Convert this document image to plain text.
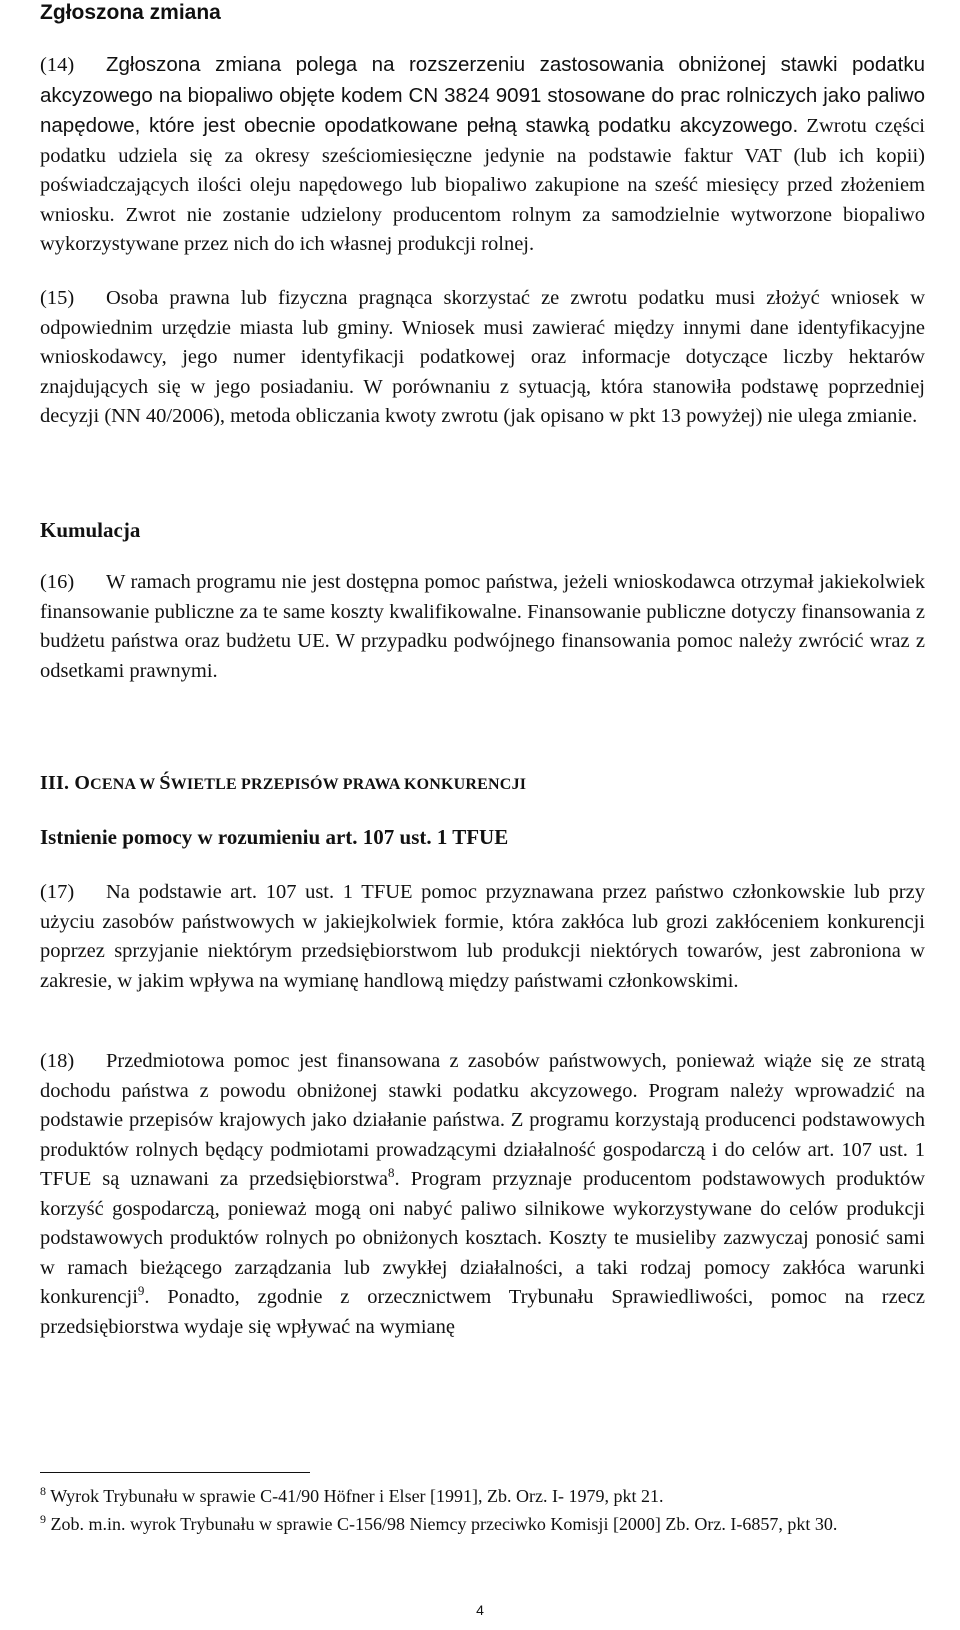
Zgłoszona zmiana

(14) Zgłoszona zmiana polega na rozszerzeniu zastosowania obniżonej stawki podatku akcyzowego na biopaliwo objęte kodem CN 3824 9091 stosowane do prac rolniczych jako paliwo napędowe, które jest obecnie opodatkowane pełną stawką podatku akcyzowego. Zwrotu części podatku udziela się za okresy sześciomiesięczne jedynie na podstawie faktur VAT (lub ich kopii) poświadczających ilości oleju napędowego lub biopaliwo zakupione na sześć miesięcy przed złożeniem wniosku. Zwrot nie zostanie udzielony producentom rolnym za samodzielnie wytworzone biopaliwo wykorzystywane przez nich do ich własnej produkcji rolnej.

(15) Osoba prawna lub fizyczna pragnąca skorzystać ze zwrotu podatku musi złożyć wniosek w odpowiednim urzędzie miasta lub gminy. Wniosek musi zawierać między innymi dane identyfikacyjne wnioskodawcy, jego numer identyfikacji podatkowej oraz informacje dotyczące liczby hektarów znajdujących się w jego posiadaniu. W porównaniu z sytuacją, która stanowiła podstawę poprzedniej decyzji (NN 40/2006), metoda obliczania kwoty zwrotu (jak opisano w pkt 13 powyżej) nie ulega zmianie.

Kumulacja

(16) W ramach programu nie jest dostępna pomoc państwa, jeżeli wnioskodawca otrzymał jakiekolwiek finansowanie publiczne za te same koszty kwalifikowalne. Finansowanie publiczne dotyczy finansowania z budżetu państwa oraz budżetu UE. W przypadku podwójnego finansowania pomoc należy zwrócić wraz z odsetkami prawnymi.

III. OCENA W ŚWIETLE PRZEPISÓW PRAWA KONKURENCJI
Istnienie pomocy w rozumieniu art. 107 ust. 1 TFUE

(17) Na podstawie art. 107 ust. 1 TFUE pomoc przyznawana przez państwo członkowskie lub przy użyciu zasobów państwowych w jakiejkolwiek formie, która zakłóca lub grozi zakłóceniem konkurencji poprzez sprzyjanie niektórym przedsiębiorstwom lub produkcji niektórych towarów, jest zabroniona w zakresie, w jakim wpływa na wymianę handlową między państwami członkowskimi.

(18) Przedmiotowa pomoc jest finansowana z zasobów państwowych, ponieważ wiąże się ze stratą dochodu państwa z powodu obniżonej stawki podatku akcyzowego. Program należy wprowadzić na podstawie przepisów krajowych jako działanie państwa. Z programu korzystają producenci podstawowych produktów rolnych będący podmiotami prowadzącymi działalność gospodarczą i do celów art. 107 ust. 1 TFUE są uznawani za przedsiębiorstwa$^8$. Program przyznaje producentom podstawowych produktów korzyść gospodarczą, ponieważ mogą oni nabyć paliwo silnikowe wykorzystywane do celów produkcji podstawowych produktów rolnych po obniżonych kosztach. Koszty te musieliby zazwyczaj ponosić sami w ramach bieżącego zarządzania lub zwykłej działalności, a taki rodzaj pomocy zakłóca warunki konkurencji$^9$. Ponadto, zgodnie z orzecznictwem Trybunału Sprawiedliwości, pomoc na rzecz przedsiębiorstwa wydaje się wpływać na wymianę

$^8$ Wyrok Trybunału w sprawie C-41/90 Höfner i Elser [1991], Zb. Orz. I- 1979, pkt 21.
$^9$ Zob. m.in. wyrok Trybunału w sprawie C-156/98 Niemcy przeciwko Komisji [2000] Zb. Orz. I-6857, pkt 30.
4
